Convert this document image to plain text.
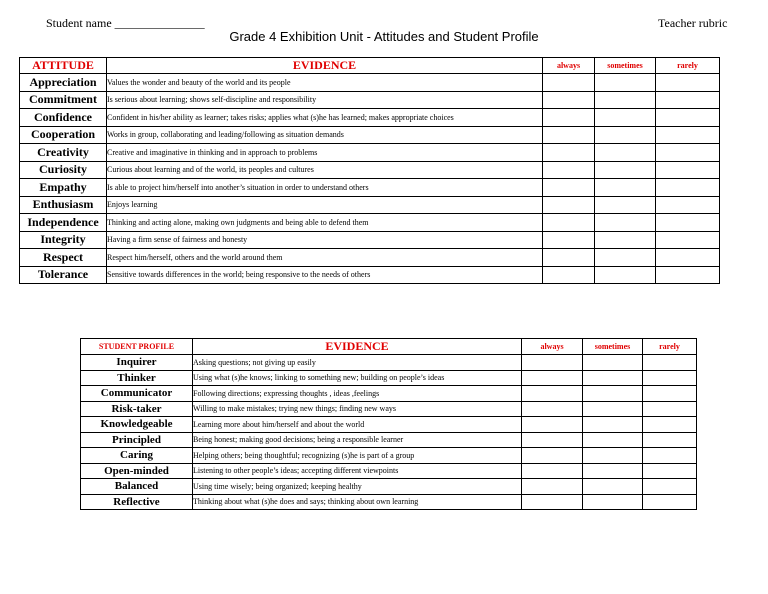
Student name _______________	Teacher rubric
Grade 4 Exhibition Unit - Attitudes and Student Profile
ATTITUDE	EVIDENCE	always	sometimes	rarely
Appreciation	Values the wonder and beauty of the world and its people			
Commitment	Is serious about learning; shows self-discipline and responsibility			
Confidence	Confident in his/her ability as learner; takes risks; applies what (s)he has learned; makes appropriate choices			
Cooperation	Works in group, collaborating and leading/following as situation demands			
Creativity	Creative and imaginative in thinking and in approach to problems			
Curiosity	Curious about learning and of the world, its peoples and cultures			
Empathy	Is able to project him/herself into another’s situation in order to understand others			
Enthusiasm	Enjoys learning			
Independence	Thinking and acting alone, making own judgments and being able to defend them			
Integrity	Having a firm sense of fairness and honesty			
Respect	Respect him/herself, others and the world around them			
Tolerance	Sensitive towards differences in the world; being responsive to the needs of others			
STUDENT PROFILE	EVIDENCE	always	sometimes	rarely
Inquirer	Asking questions; not giving up easily			
Thinker	Using what (s)he knows; linking to something new; building on people’s ideas			
Communicator	Following directions; expressing thoughts , ideas ,feelings			
Risk-taker	Willing to make mistakes; trying new things; finding new ways			
Knowledgeable	Learning more about him/herself and about the world			
Principled	Being honest; making good decisions; being a responsible learner			
Caring	Helping others; being thoughtful; recognizing (s)he is part of a group			
Open-minded	Listening to other people’s ideas; accepting different viewpoints			
Balanced	Using time wisely; being organized; keeping healthy			
Reflective	Thinking about what (s)he does and says; thinking about own learning			
